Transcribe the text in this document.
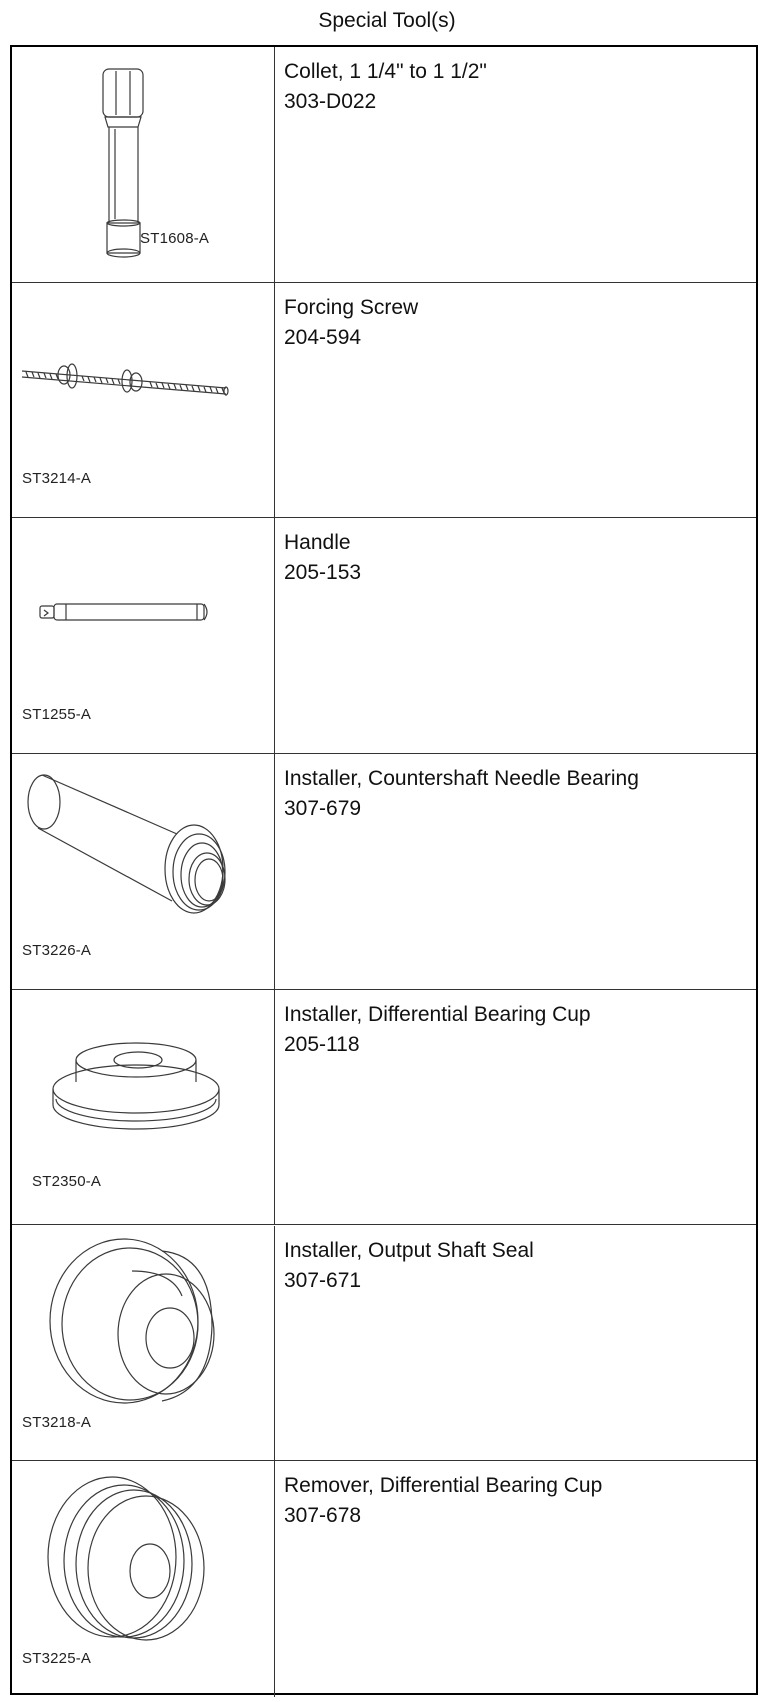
Special Tool(s)
ST1608-A
Collet, 1 1/4" to 1 1/2"
303-D022
ST3214-A
Forcing Screw
204-594
ST1255-A
Handle
205-153
ST3226-A
Installer, Countershaft Needle Bearing
307-679
ST2350-A
Installer, Differential Bearing Cup
205-118
ST3218-A
Installer, Output Shaft Seal
307-671
ST3225-A
Remover, Differential Bearing Cup
307-678
